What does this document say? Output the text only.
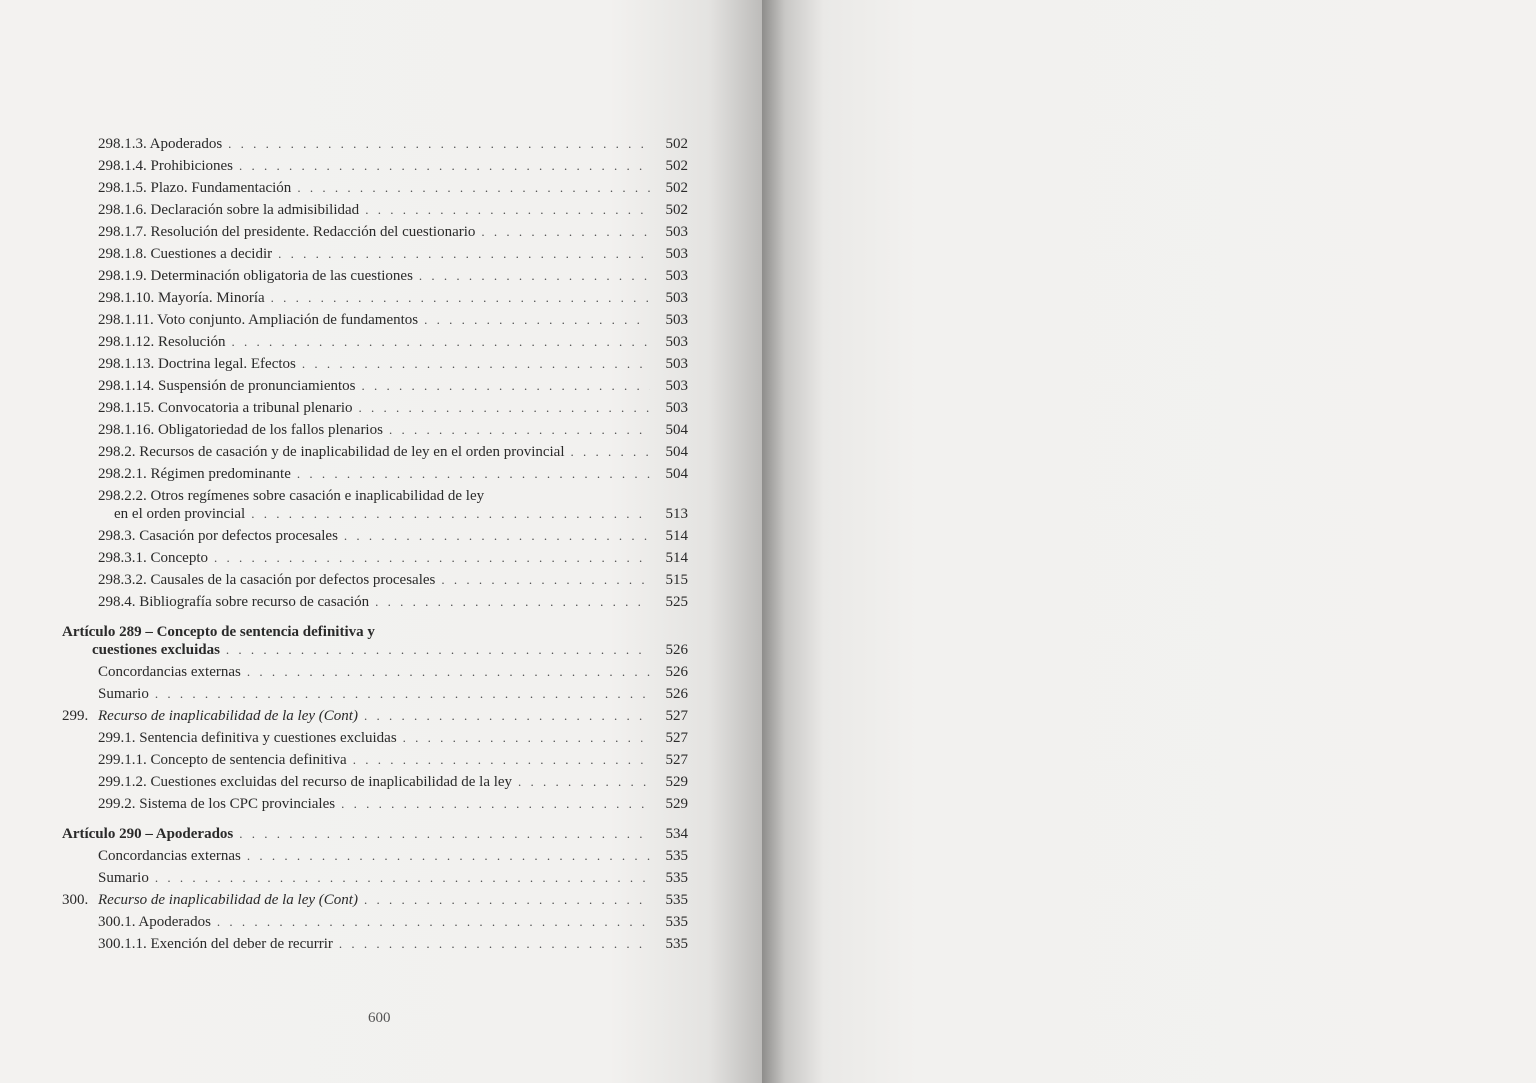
298.1.3. Apoderados . . .	502
298.1.4. Prohibiciones . . .	502
298.1.5. Plazo. Fundamentación . . .	502
298.1.6. Declaración sobre la admisibilidad . . .	502
298.1.7. Resolución del presidente. Redacción del cuestionario . . .	503
298.1.8. Cuestiones a decidir . . .	503
298.1.9. Determinación obligatoria de las cuestiones . . .	503
298.1.10. Mayoría. Minoría . . .	503
298.1.11. Voto conjunto. Ampliación de fundamentos . . .	503
298.1.12. Resolución . . .	503
298.1.13. Doctrina legal. Efectos . . .	503
298.1.14. Suspensión de pronunciamientos . . .	503
298.1.15. Convocatoria a tribunal plenario . . .	503
298.1.16. Obligatoriedad de los fallos plenarios . . .	504
298.2. Recursos de casación y de inaplicabilidad de ley en el orden provincial . . .	504
298.2.1. Régimen predominante . . .	504
298.2.2. Otros regímenes sobre casación e inaplicabilidad de ley
en el orden provincial . . .	513
298.3. Casación por defectos procesales . . .	514
298.3.1. Concepto . . .	514
298.3.2. Causales de la casación por defectos procesales . . .	515
298.4. Bibliografía sobre recurso de casación . . .	525
Artículo 289 – Concepto de sentencia definitiva y
cuestiones excluidas . . .	526
Concordancias externas . . .	526
Sumario . . .	526
299. Recurso de inaplicabilidad de la ley (Cont) . . .	527
299.1. Sentencia definitiva y cuestiones excluidas . . .	527
299.1.1. Concepto de sentencia definitiva . . .	527
299.1.2. Cuestiones excluidas del recurso de inaplicabilidad de la ley . . .	529
299.2. Sistema de los CPC provinciales . . .	529
Artículo 290 – Apoderados . . .	534
Concordancias externas . . .	535
Sumario . . .	535
300. Recurso de inaplicabilidad de la ley (Cont) . . .	535
300.1. Apoderados . . .	535
300.1.1. Exención del deber de recurrir . . .	535
600
